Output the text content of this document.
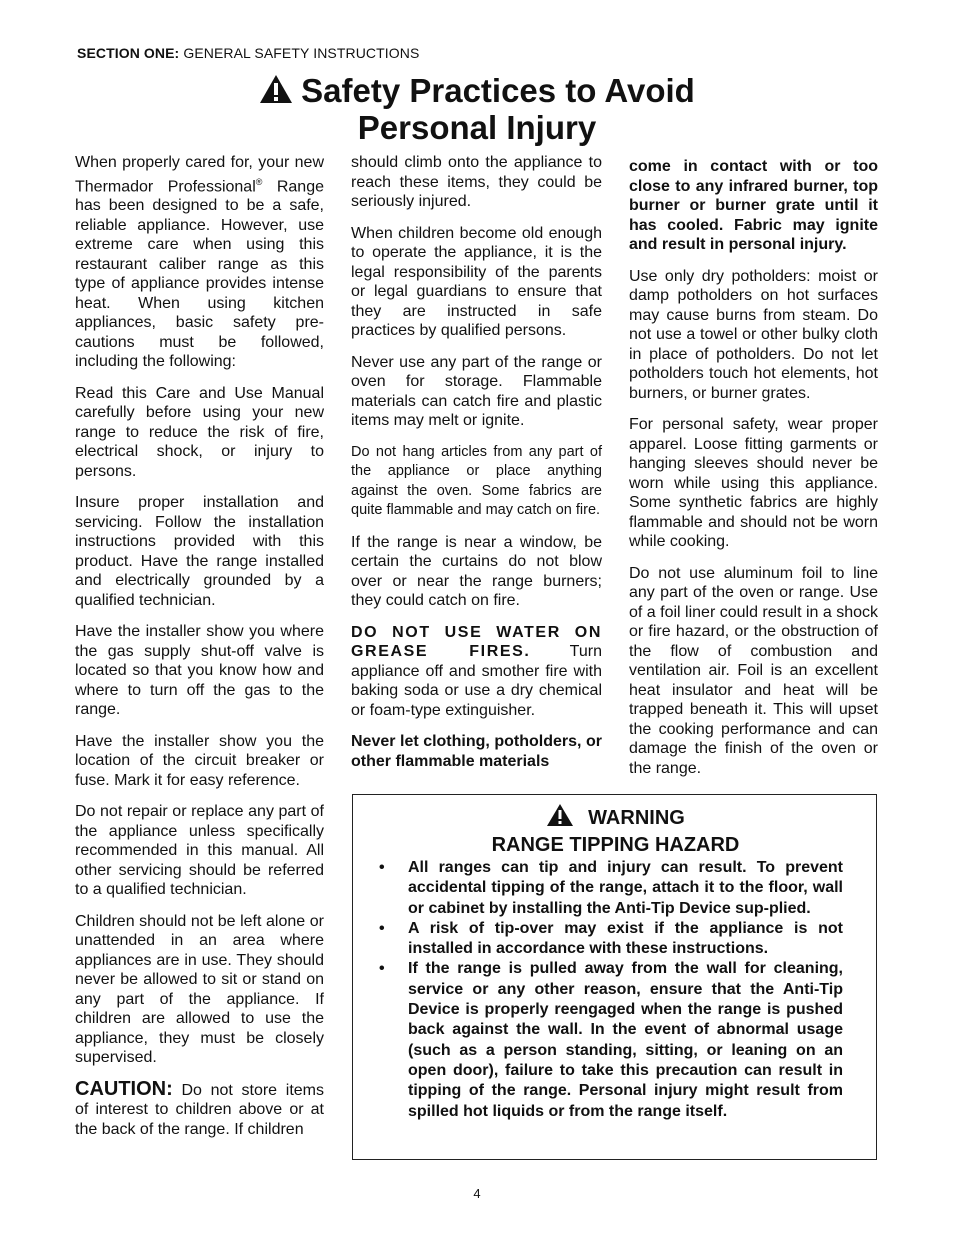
SECTION ONE: GENERAL SAFETY INSTRUCTIONS
Safety Practices to Avoid
Personal Injury

When properly cared for, your new Thermador Professional® Range has been designed to be a safe, reliable appliance. However, use extreme care when using this restaurant caliber range as this type of appliance provides intense heat. When using kitchen appliances, basic safety pre-cautions must be followed, including the following:

Read this Care and Use Manual carefully before using your new range to reduce the risk of fire, electrical shock, or injury to persons.

Insure proper installation and servicing. Follow the installation instructions provided with this product. Have the range installed and electrically grounded by a qualified technician.

Have the installer show you where the gas supply shut-off valve is located so that you know how and where to turn off the gas to the range.

Have the installer show you the location of the circuit breaker or fuse. Mark it for easy reference.

Do not repair or replace any part of the appliance unless specifically recommended in this manual. All other servicing should be referred to a qualified technician.

Children should not be left alone or unattended in an area where appliances are in use. They should never be allowed to sit or stand on any part of the appliance. If children are allowed to use the appliance, they must be closely supervised.

CAUTION: Do not store items of interest to children above or at the back of the range. If children

should climb onto the appliance to reach these items, they could be seriously injured.

When children become old enough to operate the appliance, it is the legal responsibility of the parents or legal guardians to ensure that they are instructed in safe practices by qualified persons.

Never use any part of the range or oven for storage. Flammable materials can catch fire and plastic items may melt or ignite.

Do not hang articles from any part of the appliance or place anything against the oven. Some fabrics are quite flammable and may catch on fire.

If the range is near a window, be certain the curtains do not blow over or near the range burners; they could catch on fire.

DO NOT USE WATER ON GREASE FIRES. Turn appliance off and smother fire with baking soda or use a dry chemical or foam-type extinguisher.

Never let clothing, potholders, or other flammable materials

come in contact with or too close to any infrared burner, top burner or burner grate until it has cooled. Fabric may ignite and result in personal injury.

Use only dry potholders: moist or damp potholders on hot surfaces may cause burns from steam. Do not use a towel or other bulky cloth in place of potholders. Do not let potholders touch hot elements, hot burners, or burner grates.

For personal safety, wear proper apparel. Loose fitting garments or hanging sleeves should never be worn while using this appliance. Some synthetic fabrics are highly flammable and should not be worn while cooking.

Do not use aluminum foil to line any part of the oven or range. Use of a foil liner could result in a shock or fire hazard, or the obstruction of the flow of combustion and ventilation air. Foil is an excellent heat insulator and heat will be trapped beneath it. This will upset the cooking performance and can damage the finish of the oven or the range.

WARNING
RANGE TIPPING HAZARD
• All ranges can tip and injury can result. To prevent accidental tipping of the range, attach it to the floor, wall or cabinet by installing the Anti-Tip Device sup-plied.
• A risk of tip-over may exist if the appliance is not installed in accordance with these instructions.
• If the range is pulled away from the wall for cleaning, service or any other reason, ensure that the Anti-Tip Device is properly reengaged when the range is pushed back against the wall. In the event of abnormal usage (such as a person standing, sitting, or leaning on an open door), failure to take this precaution can result in tipping of the range. Personal injury might result from spilled hot liquids or from the range itself.
4
